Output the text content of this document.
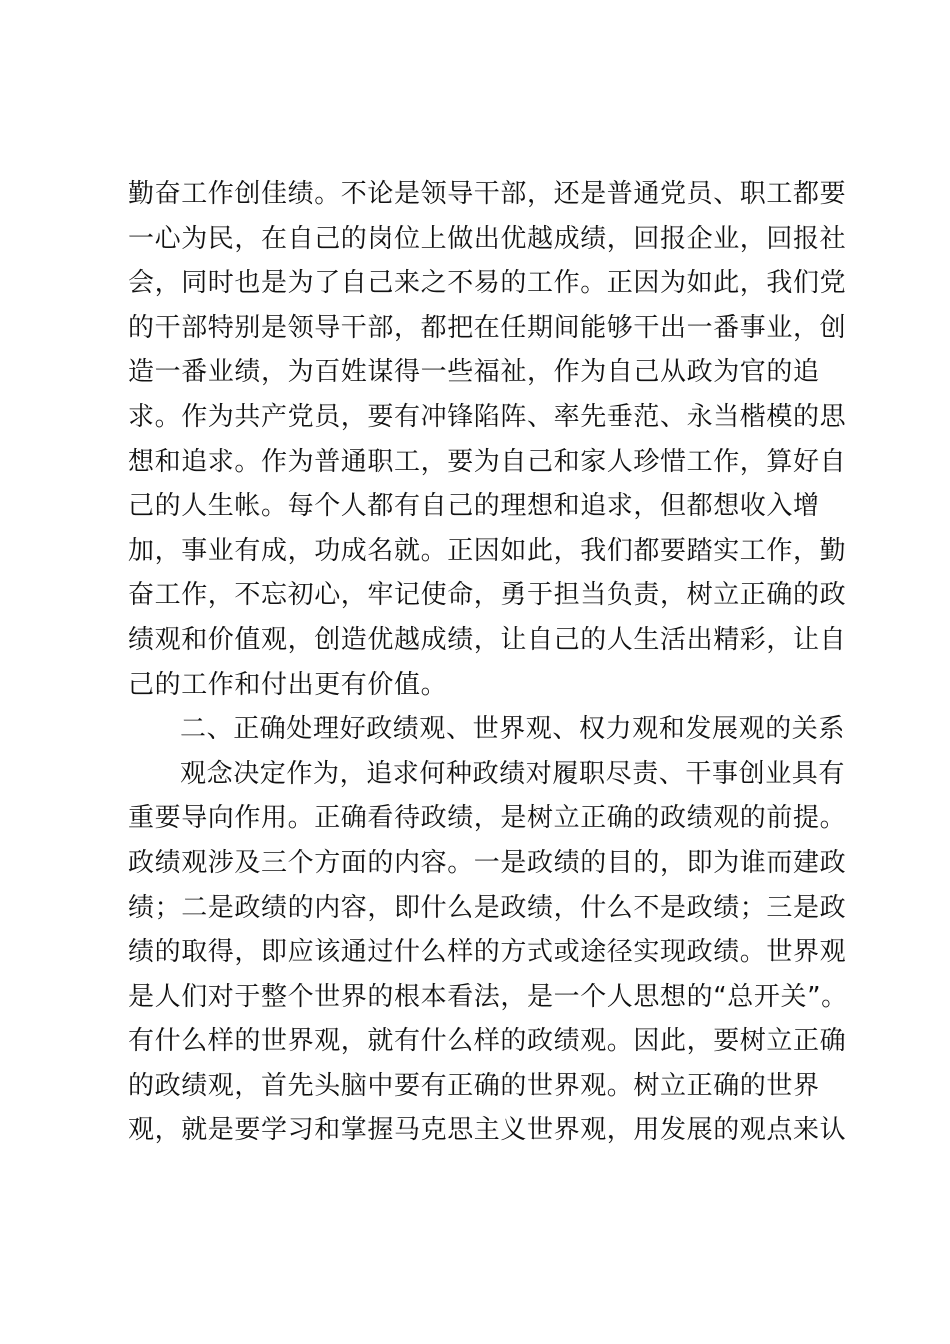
勤奋工作创佳绩。不论是领导干部，还是普通党员、职工都要
一心为民，在自己的岗位上做出优越成绩，回报企业，回报社
会，同时也是为了自己来之不易的工作。正因为如此，我们党
的干部特别是领导干部，都把在任期间能够干出一番事业，创
造一番业绩，为百姓谋得一些福祉，作为自己从政为官的追
求。作为共产党员，要有冲锋陷阵、率先垂范、永当楷模的思
想和追求。作为普通职工，要为自己和家人珍惜工作，算好自
己的人生帐。每个人都有自己的理想和追求，但都想收入增
加，事业有成，功成名就。正因如此，我们都要踏实工作，勤
奋工作，不忘初心，牢记使命，勇于担当负责，树立正确的政
绩观和价值观，创造优越成绩，让自己的人生活出精彩，让自
己的工作和付出更有价值。
二、正确处理好政绩观、世界观、权力观和发展观的关系
观念决定作为，追求何种政绩对履职尽责、干事创业具有
重要导向作用。正确看待政绩，是树立正确的政绩观的前提。
政绩观涉及三个方面的内容。一是政绩的目的，即为谁而建政
绩；二是政绩的内容，即什么是政绩，什么不是政绩；三是政
绩的取得，即应该通过什么样的方式或途径实现政绩。世界观
是人们对于整个世界的根本看法，是一个人思想的“总开关”。
有什么样的世界观，就有什么样的政绩观。因此，要树立正确
的政绩观，首先头脑中要有正确的世界观。树立正确的世界
观，就是要学习和掌握马克思主义世界观，用发展的观点来认
